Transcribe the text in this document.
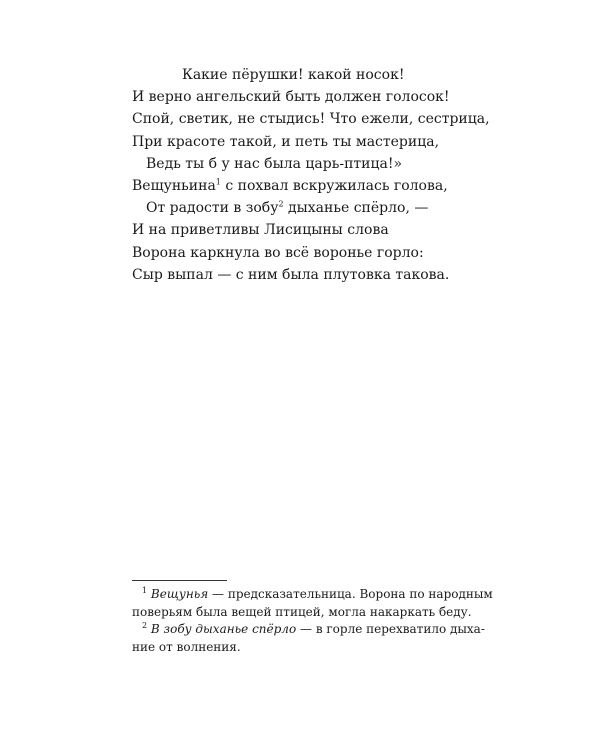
Какие пёрушки! какой носок!
И верно ангельский быть должен голосок!
Спой, светик, не стыдись! Что ежели, сестрица,
При красоте такой, и петь ты мастерица,
Ведь ты б у нас была царь-птица!»
Вещуньина$^1$ с похвал вскружилась голова,
От радости в зобу$^2$ дыханье спёрло, —
И на приветливы Лисицыны слова
Ворона каркнула во всё воронье горло:
Сыр выпал — с ним была плутовка такова.
$^1$ Вещунья — предсказательница. Ворона по народным
поверьям была вещей птицей, могла накаркать беду.
$^2$ В зобу дыханье спёрло — в горле перехватило дыха-
ние от волнения.
